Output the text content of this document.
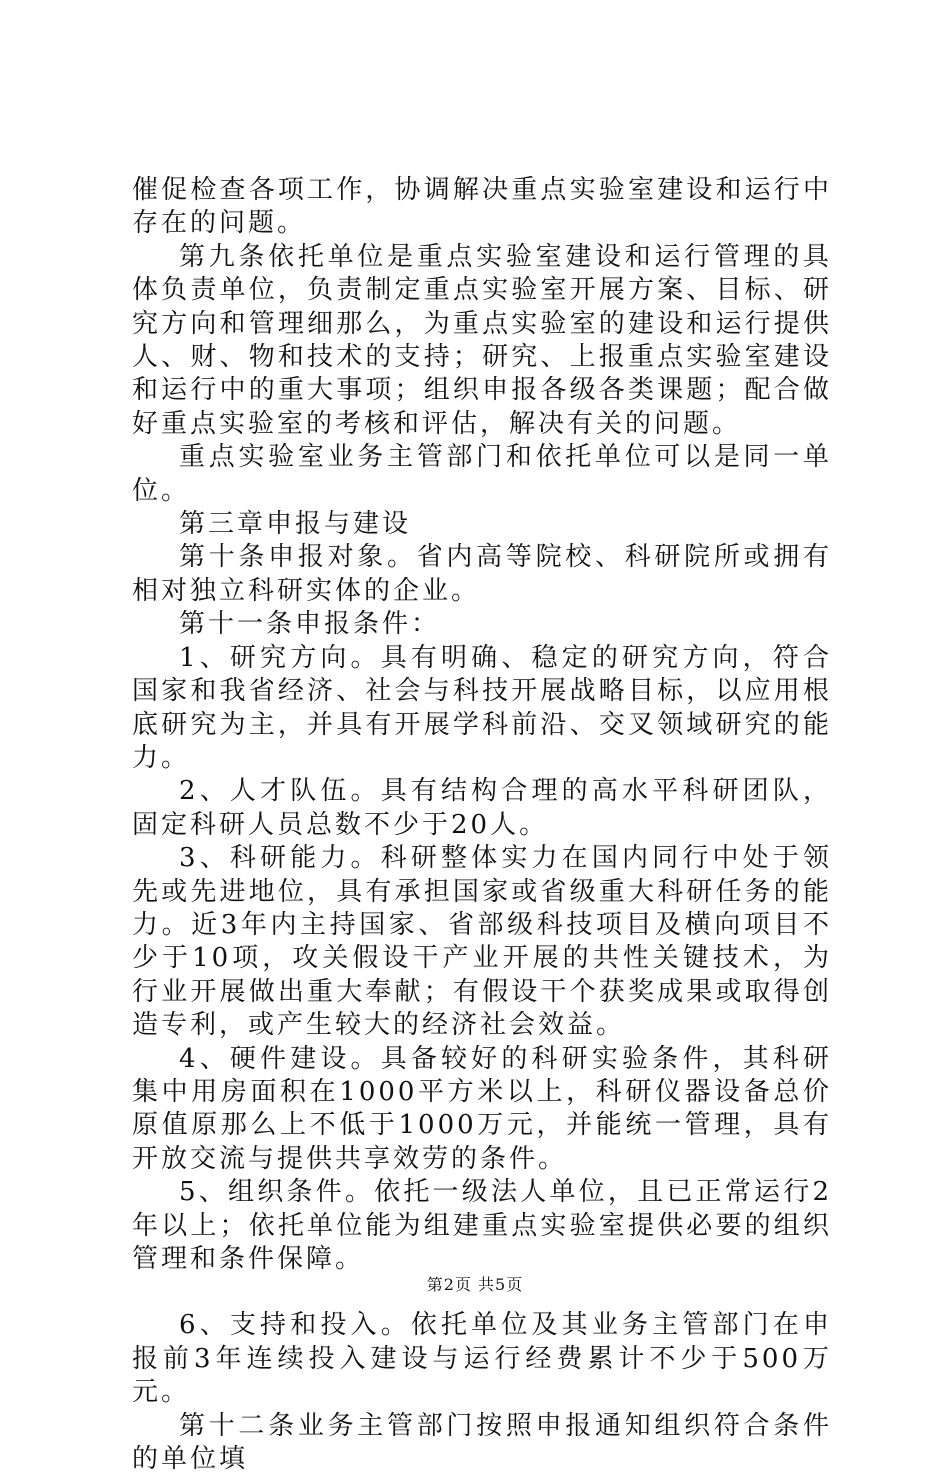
催促检查各项工作，协调解决重点实验室建设和运行中存在的问题。

第九条依托单位是重点实验室建设和运行管理的具体负责单位，负责制定重点实验室开展方案、目标、研究方向和管理细那么，为重点实验室的建设和运行提供人、财、物和技术的支持；研究、上报重点实验室建设和运行中的重大事项；组织申报各级各类课题；配合做好重点实验室的考核和评估，解决有关的问题。

重点实验室业务主管部门和依托单位可以是同一单位。

第三章申报与建设

第十条申报对象。省内高等院校、科研院所或拥有相对独立科研实体的企业。

第十一条申报条件：

1、研究方向。具有明确、稳定的研究方向，符合国家和我省经济、社会与科技开展战略目标，以应用根底研究为主，并具有开展学科前沿、交叉领域研究的能力。

2、人才队伍。具有结构合理的高水平科研团队，固定科研人员总数不少于20人。

3、科研能力。科研整体实力在国内同行中处于领先或先进地位，具有承担国家或省级重大科研任务的能力。近3年内主持国家、省部级科技项目及横向项目不少于10项，攻关假设干产业开展的共性关键技术，为行业开展做出重大奉献；有假设干个获奖成果或取得创造专利，或产生较大的经济社会效益。

4、硬件建设。具备较好的科研实验条件，其科研集中用房面积在1000平方米以上，科研仪器设备总价原值原那么上不低于1000万元，并能统一管理，具有开放交流与提供共享效劳的条件。

5、组织条件。依托一级法人单位，且已正常运行2年以上；依托单位能为组建重点实验室提供必要的组织管理和条件保障。

6、支持和投入。依托单位及其业务主管部门在申报前3年连续投入建设与运行经费累计不少于500万元。

第十二条业务主管部门按照申报通知组织符合条件的单位填

第2页 共5页
